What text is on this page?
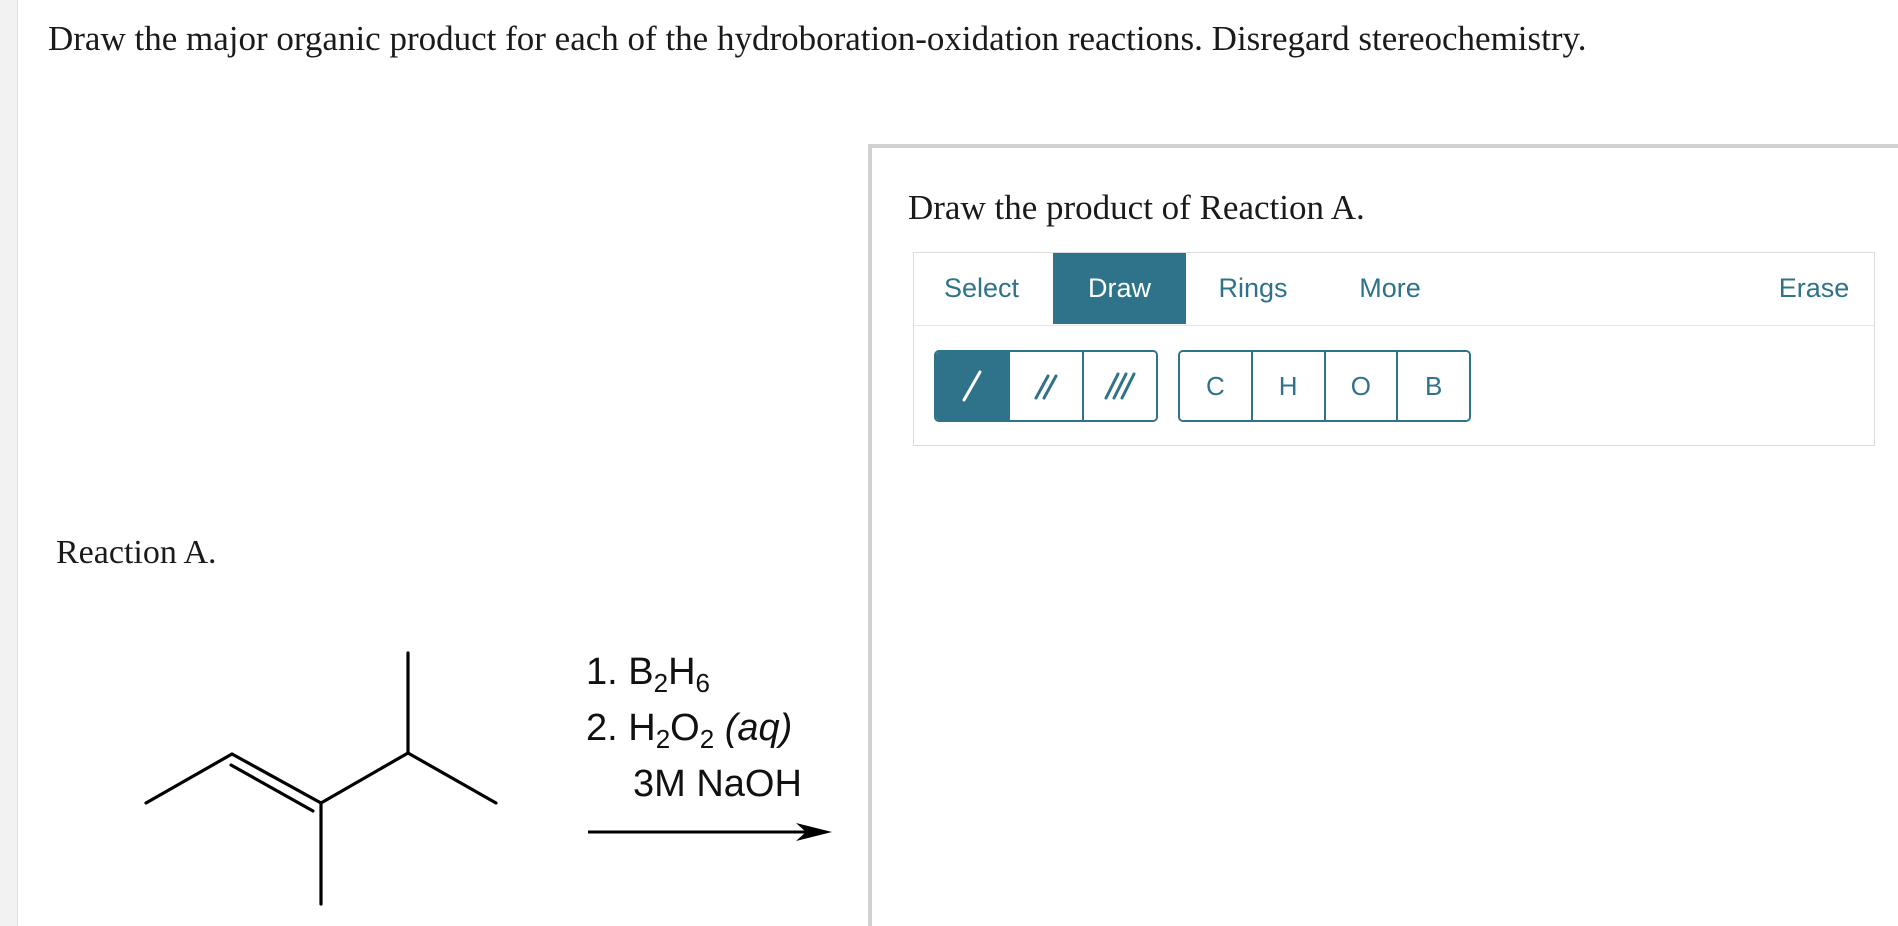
Draw the major organic product for each of the hydroboration-oxidation reactions. Disregard stereochemistry.
Reaction A.
1. $B_2H_6$
2. $H_2O_2$ (aq)
3M NaOH
Draw the product of Reaction A.
Select	Draw	Rings	More	Erase
C	H	O	B
